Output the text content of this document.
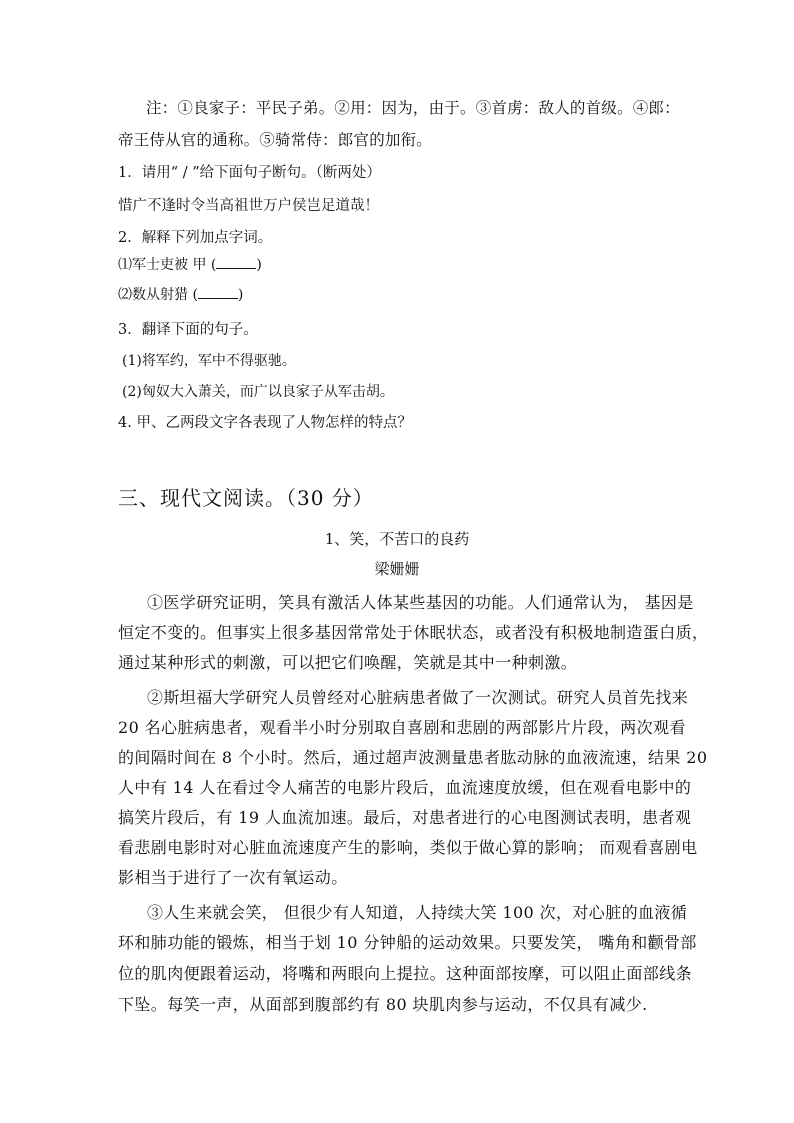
注：①良家子：平民子弟。②用：因为，由于。③首虏：敌人的首级。④郎：
帝王侍从官的通称。⑤骑常侍：郎官的加衔。
1．请用“ / ”给下面句子断句。（断两处）
惜广不逢时令当高祖世万户侯岂足道哉！
2．解释下列加点字词。
⑴军士吏被 甲 (	)
⑵数从射猎 (	)
3．翻译下面的句子。
(1)将军约，军中不得驱驰。
(2)匈奴大入萧关，而广以良家子从军击胡。
4. 甲、乙两段文字各表现了人物怎样的特点？
三、现代文阅读。（30 分）
1、笑，不苦口的良药
梁姗姗
①医学研究证明，笑具有激活人体某些基因的功能。人们通常认为， 基因是
恒定不变的。但事实上很多基因常常处于休眠状态，或者没有积极地制造蛋白质，
通过某种形式的刺激，可以把它们唤醒，笑就是其中一种刺激。
②斯坦福大学研究人员曾经对心脏病患者做了一次测试。研究人员首先找来
20 名心脏病患者，观看半小时分别取自喜剧和悲剧的两部影片片段，两次观看
的间隔时间在 8 个小时。然后，通过超声波测量患者肱动脉的血液流速，结果 20
人中有 14 人在看过令人痛苦的电影片段后，血流速度放缓，但在观看电影中的
搞笑片段后，有 19 人血流加速。最后，对患者进行的心电图测试表明，患者观
看悲剧电影时对心脏血流速度产生的影响，类似于做心算的影响； 而观看喜剧电
影相当于进行了一次有氧运动。
③人生来就会笑， 但很少有人知道，人持续大笑 100 次，对心脏的血液循
环和肺功能的锻炼，相当于划 10 分钟船的运动效果。只要发笑， 嘴角和颧骨部
位的肌肉便跟着运动，将嘴和两眼向上提拉。这种面部按摩，可以阻止面部线条
下坠。每笑一声，从面部到腹部约有 80 块肌肉参与运动，不仅具有减少.
